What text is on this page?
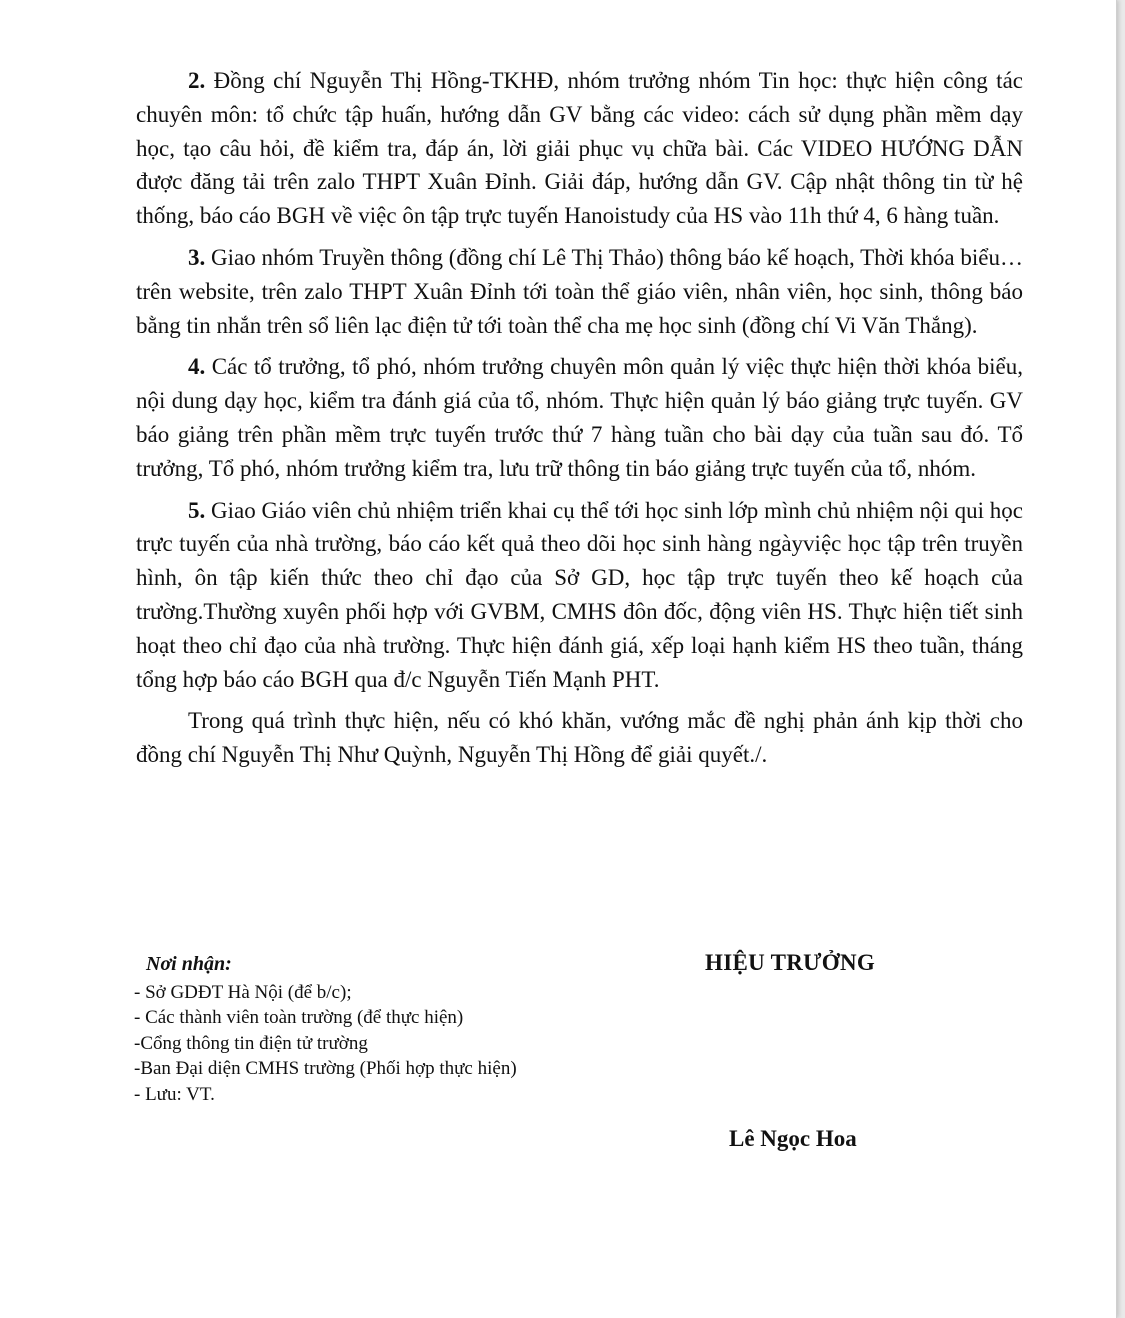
2. Đồng chí Nguyễn Thị Hồng-TKHĐ, nhóm trưởng nhóm Tin học: thực hiện công tác chuyên môn: tổ chức tập huấn, hướng dẫn GV bằng các video: cách sử dụng phần mềm dạy học, tạo câu hỏi, đề kiểm tra, đáp án, lời giải phục vụ chữa bài. Các VIDEO HƯỚNG DẪN được đăng tải trên zalo THPT Xuân Đỉnh. Giải đáp, hướng dẫn GV. Cập nhật thông tin từ hệ thống, báo cáo BGH về việc ôn tập trực tuyến Hanoistudy của HS vào 11h thứ 4, 6 hàng tuần.

3. Giao nhóm Truyền thông (đồng chí Lê Thị Thảo) thông báo kế hoạch, Thời khóa biểu… trên website, trên zalo THPT Xuân Đỉnh tới toàn thể giáo viên, nhân viên, học sinh, thông báo bằng tin nhắn trên sổ liên lạc điện tử tới toàn thể cha mẹ học sinh (đồng chí Vi Văn Thắng).

4. Các tổ trưởng, tổ phó, nhóm trưởng chuyên môn quản lý việc thực hiện thời khóa biểu, nội dung dạy học, kiểm tra đánh giá của tổ, nhóm. Thực hiện quản lý báo giảng trực tuyến. GV báo giảng trên phần mềm trực tuyến trước thứ 7 hàng tuần cho bài dạy của tuần sau đó. Tổ trưởng, Tổ phó, nhóm trưởng kiểm tra, lưu trữ thông tin báo giảng trực tuyến của tổ, nhóm.

5. Giao Giáo viên chủ nhiệm triển khai cụ thể tới học sinh lớp mình chủ nhiệm nội qui học trực tuyến của nhà trường, báo cáo kết quả theo dõi học sinh hàng ngàyviệc học tập trên truyền hình, ôn tập kiến thức theo chỉ đạo của Sở GD, học tập trực tuyến theo kế hoạch của trường.Thường xuyên phối hợp với GVBM, CMHS đôn đốc, động viên HS. Thực hiện tiết sinh hoạt theo chỉ đạo của nhà trường. Thực hiện đánh giá, xếp loại hạnh kiểm HS theo tuần, tháng tổng hợp báo cáo BGH qua đ/c Nguyễn Tiến Mạnh PHT.

Trong quá trình thực hiện, nếu có khó khăn, vướng mắc đề nghị phản ánh kịp thời cho đồng chí Nguyễn Thị Như Quỳnh, Nguyễn Thị Hồng để giải quyết./.

Nơi nhận:

- Sở GDĐT Hà Nội (để b/c);

- Các thành viên toàn trường (để thực hiện)

-Cổng thông tin điện tử trường

-Ban Đại diện CMHS trường (Phối hợp thực hiện)

- Lưu: VT.

HIỆU TRƯỞNG
Lê Ngọc Hoa
